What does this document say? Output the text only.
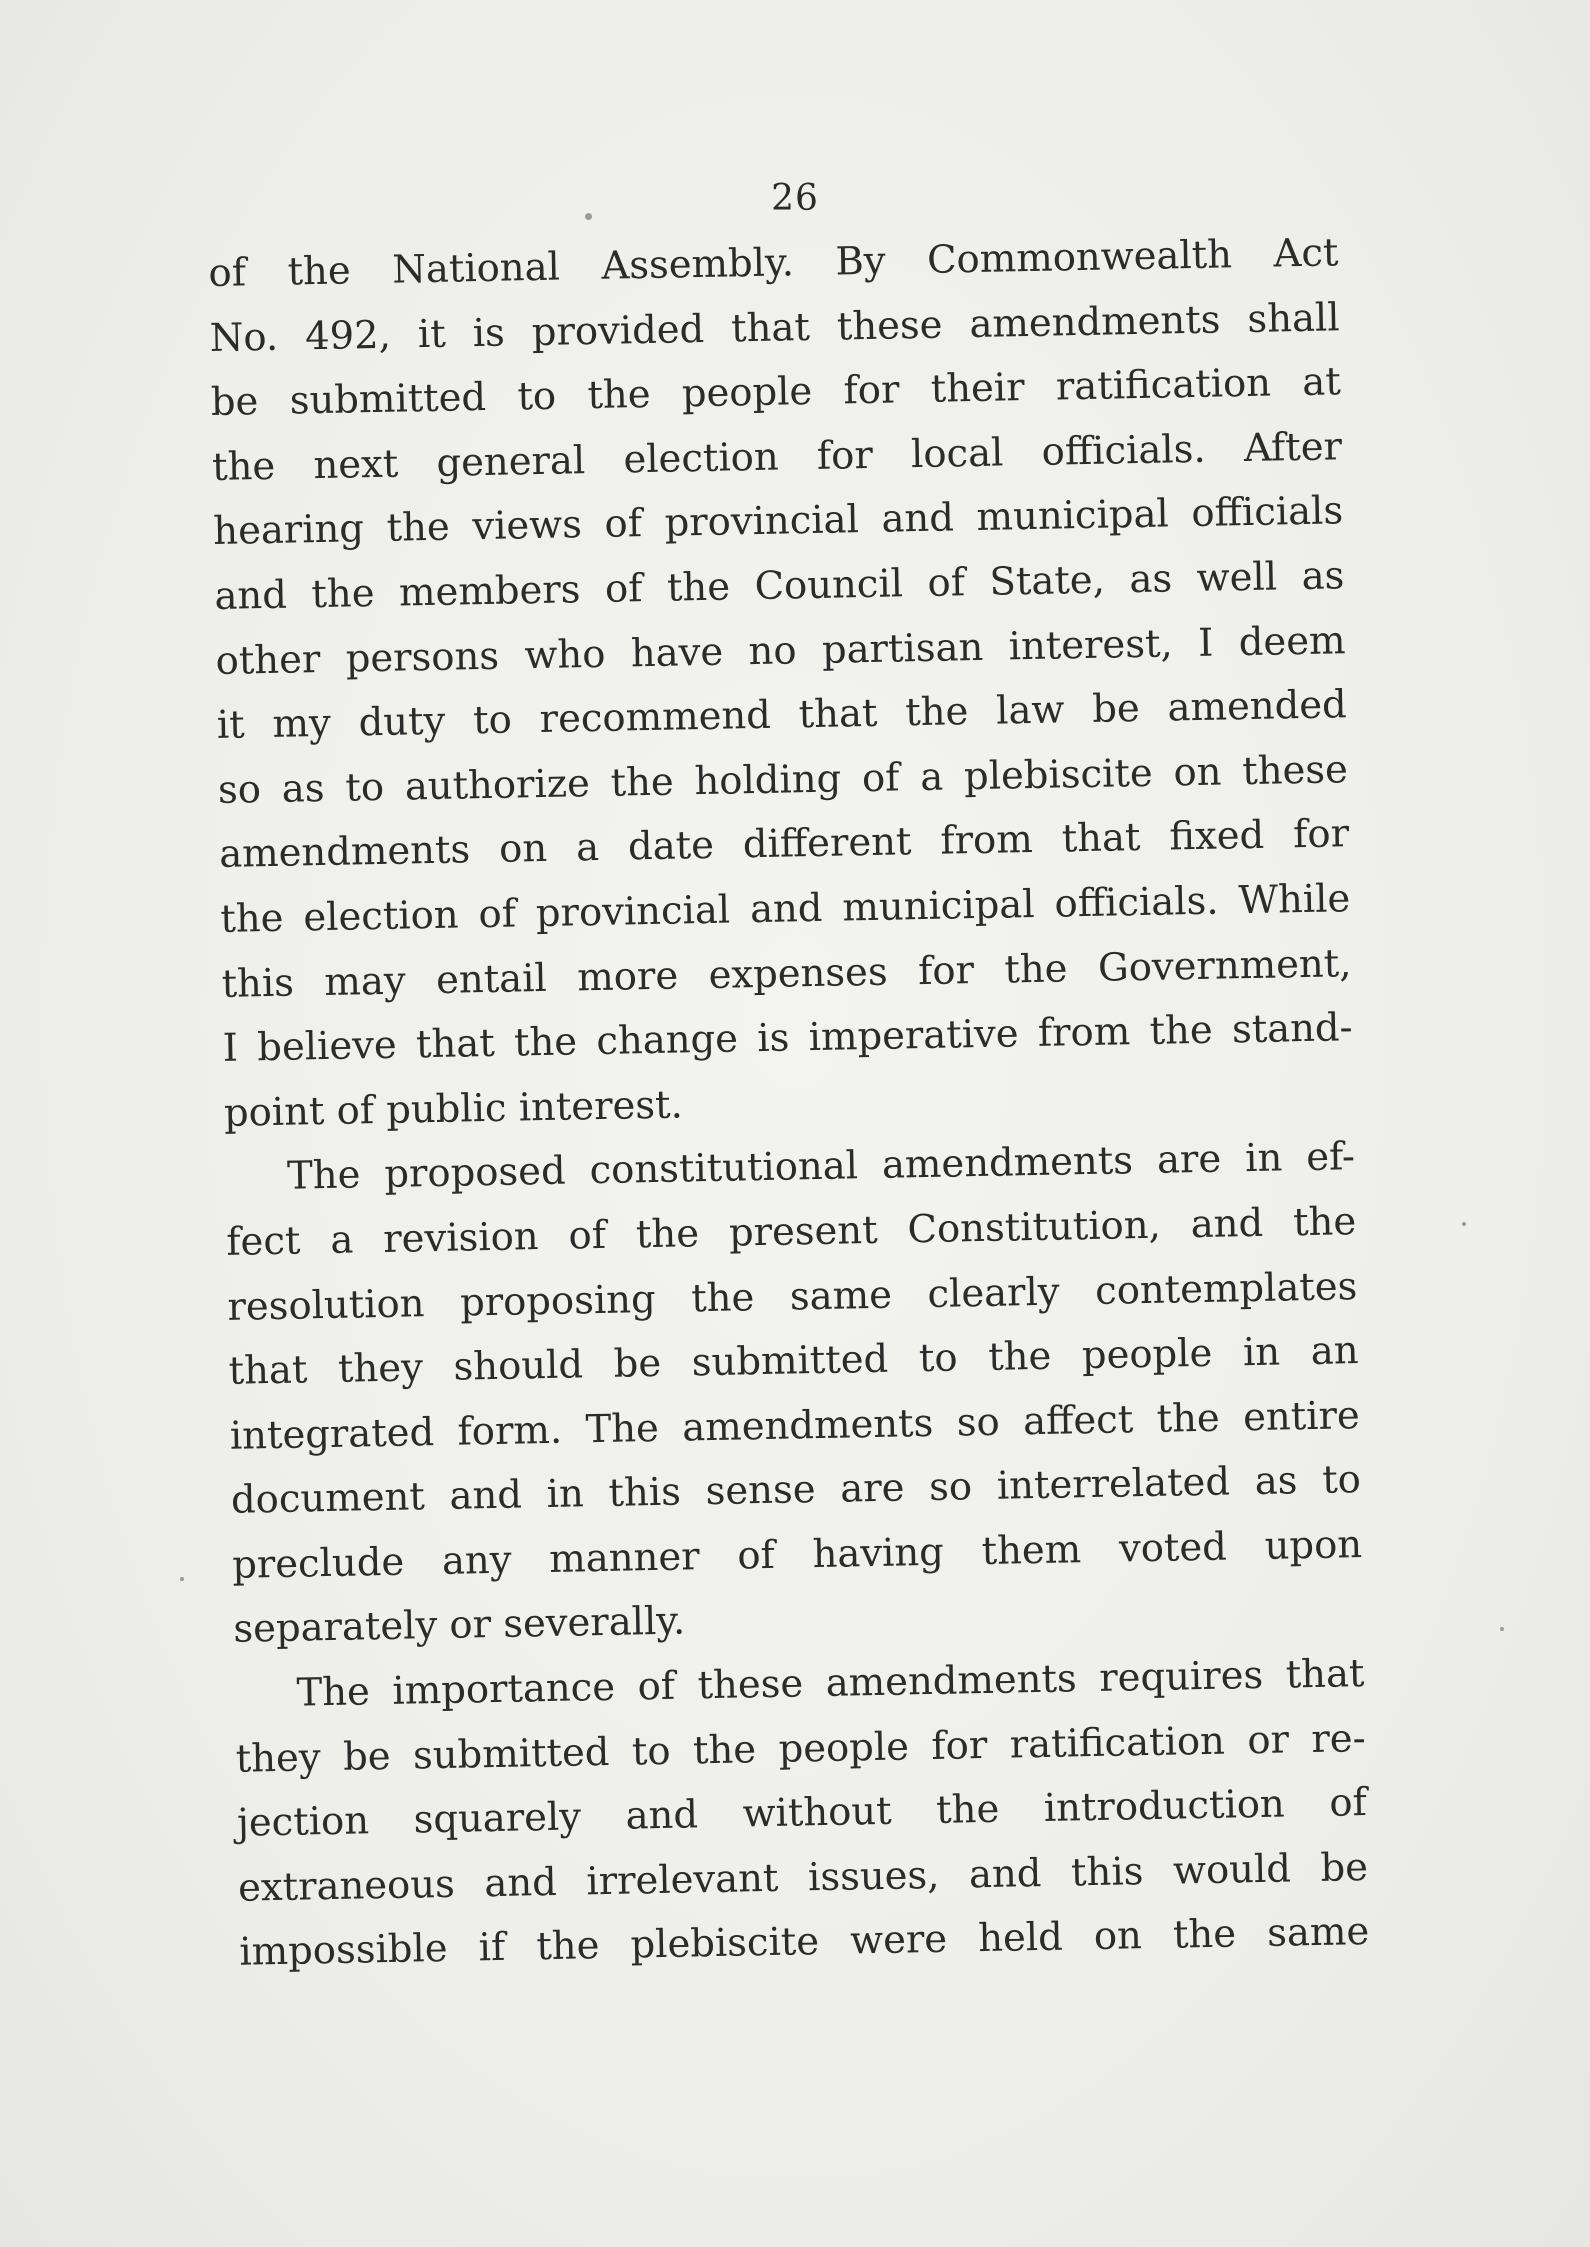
26
of the National Assembly. By Commonwealth Act
No. 492, it is provided that these amendments shall
be submitted to the people for their ratification at
the next general election for local officials. After
hearing the views of provincial and municipal officials
and the members of the Council of State, as well as
other persons who have no partisan interest, I deem
it my duty to recommend that the law be amended
so as to authorize the holding of a plebiscite on these
amendments on a date different from that fixed for
the election of provincial and municipal officials. While
this may entail more expenses for the Government,
I believe that the change is imperative from the stand-
point of public interest.
The proposed constitutional amendments are in ef-
fect a revision of the present Constitution, and the
resolution proposing the same clearly contemplates
that they should be submitted to the people in an
integrated form. The amendments so affect the entire
document and in this sense are so interrelated as to
preclude any manner of having them voted upon
separately or severally.
The importance of these amendments requires that
they be submitted to the people for ratification or re-
jection squarely and without the introduction of
extraneous and irrelevant issues, and this would be
impossible if the plebiscite were held on the same
